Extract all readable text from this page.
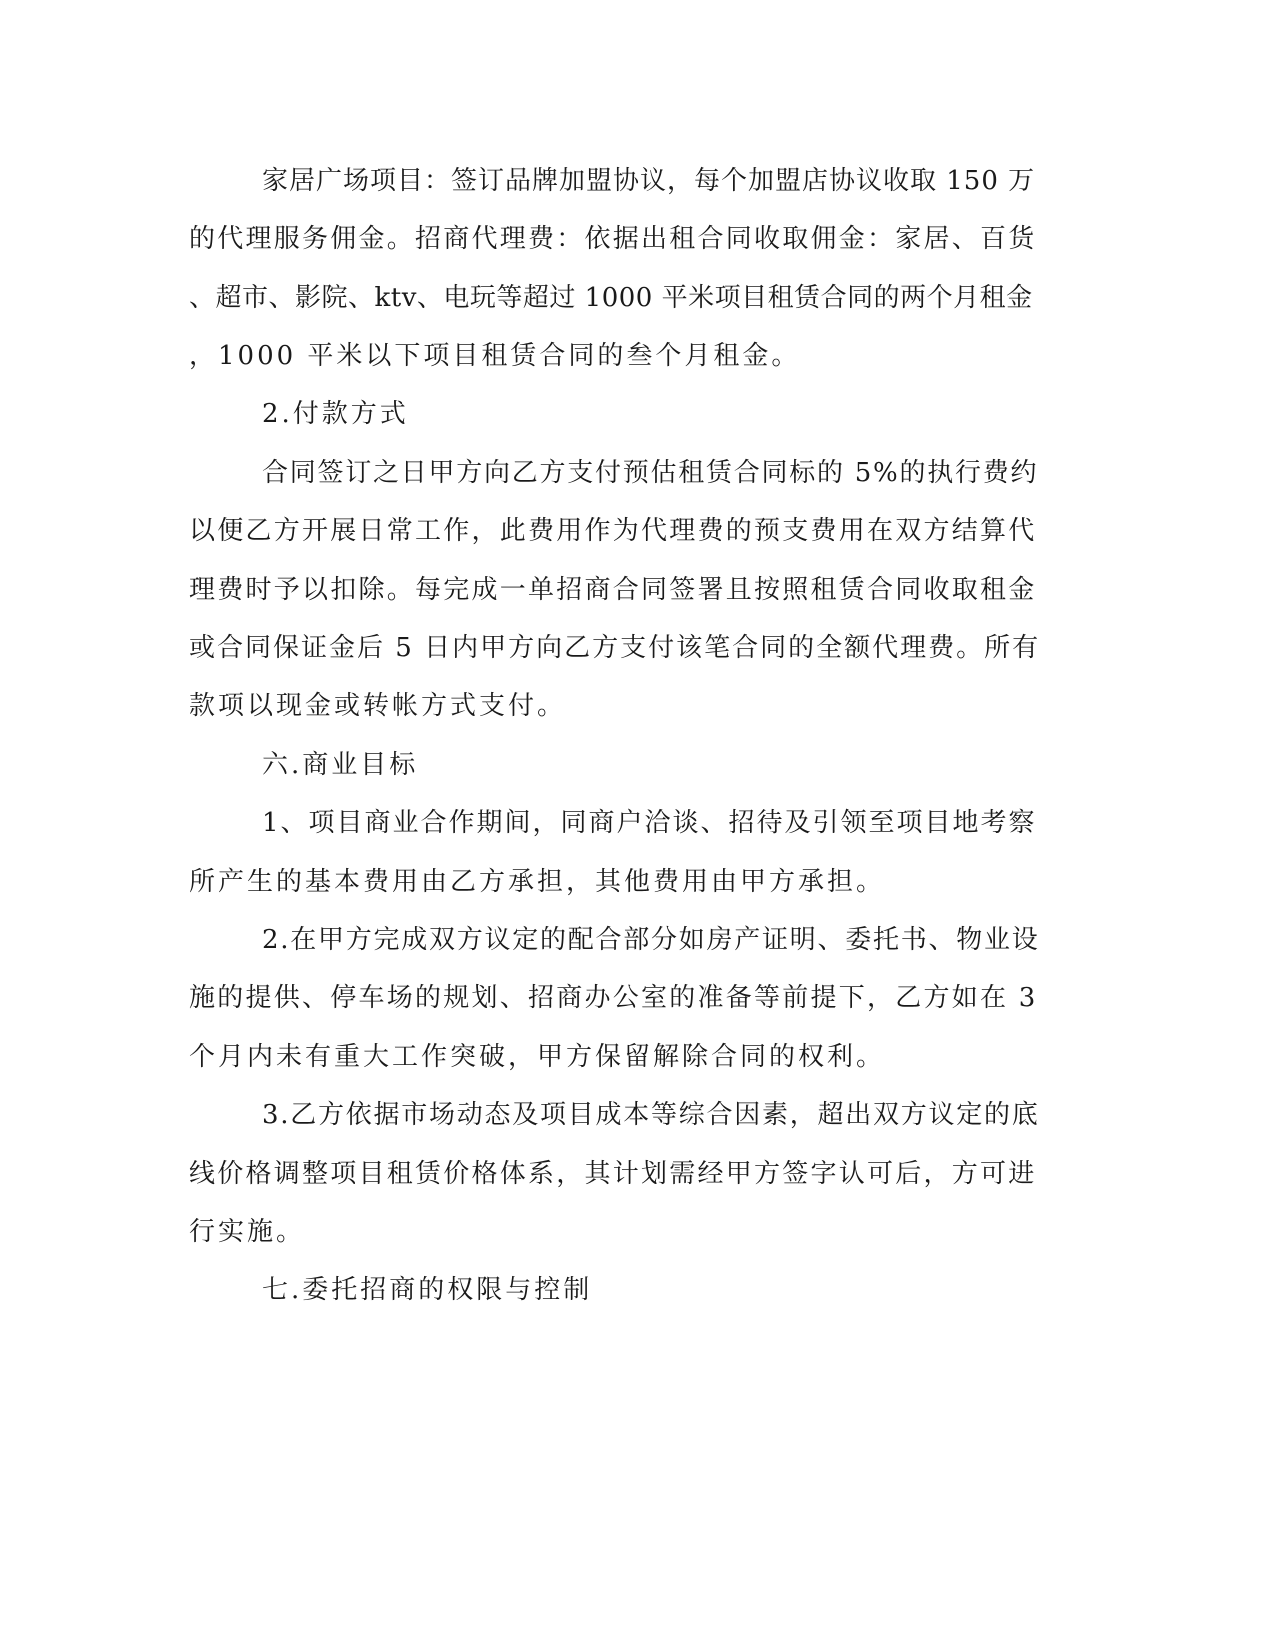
家居广场项目：签订品牌加盟协议，每个加盟店协议收取 150 万
的代理服务佣金。招商代理费：依据出租合同收取佣金：家居、百货
、超市、影院、ktv、电玩等超过 1000 平米项目租赁合同的两个月租金
，1000 平米以下项目租赁合同的叁个月租金。
2.付款方式
合同签订之日甲方向乙方支付预估租赁合同标的 5%的执行费约
以便乙方开展日常工作，此费用作为代理费的预支费用在双方结算代
理费时予以扣除。每完成一单招商合同签署且按照租赁合同收取租金
或合同保证金后 5 日内甲方向乙方支付该笔合同的全额代理费。所有
款项以现金或转帐方式支付。
六.商业目标
1、项目商业合作期间，同商户洽谈、招待及引领至项目地考察
所产生的基本费用由乙方承担，其他费用由甲方承担。
2.在甲方完成双方议定的配合部分如房产证明、委托书、物业设
施的提供、停车场的规划、招商办公室的准备等前提下，乙方如在 3
个月内未有重大工作突破，甲方保留解除合同的权利。
3.乙方依据市场动态及项目成本等综合因素，超出双方议定的底
线价格调整项目租赁价格体系，其计划需经甲方签字认可后，方可进
行实施。
七.委托招商的权限与控制
